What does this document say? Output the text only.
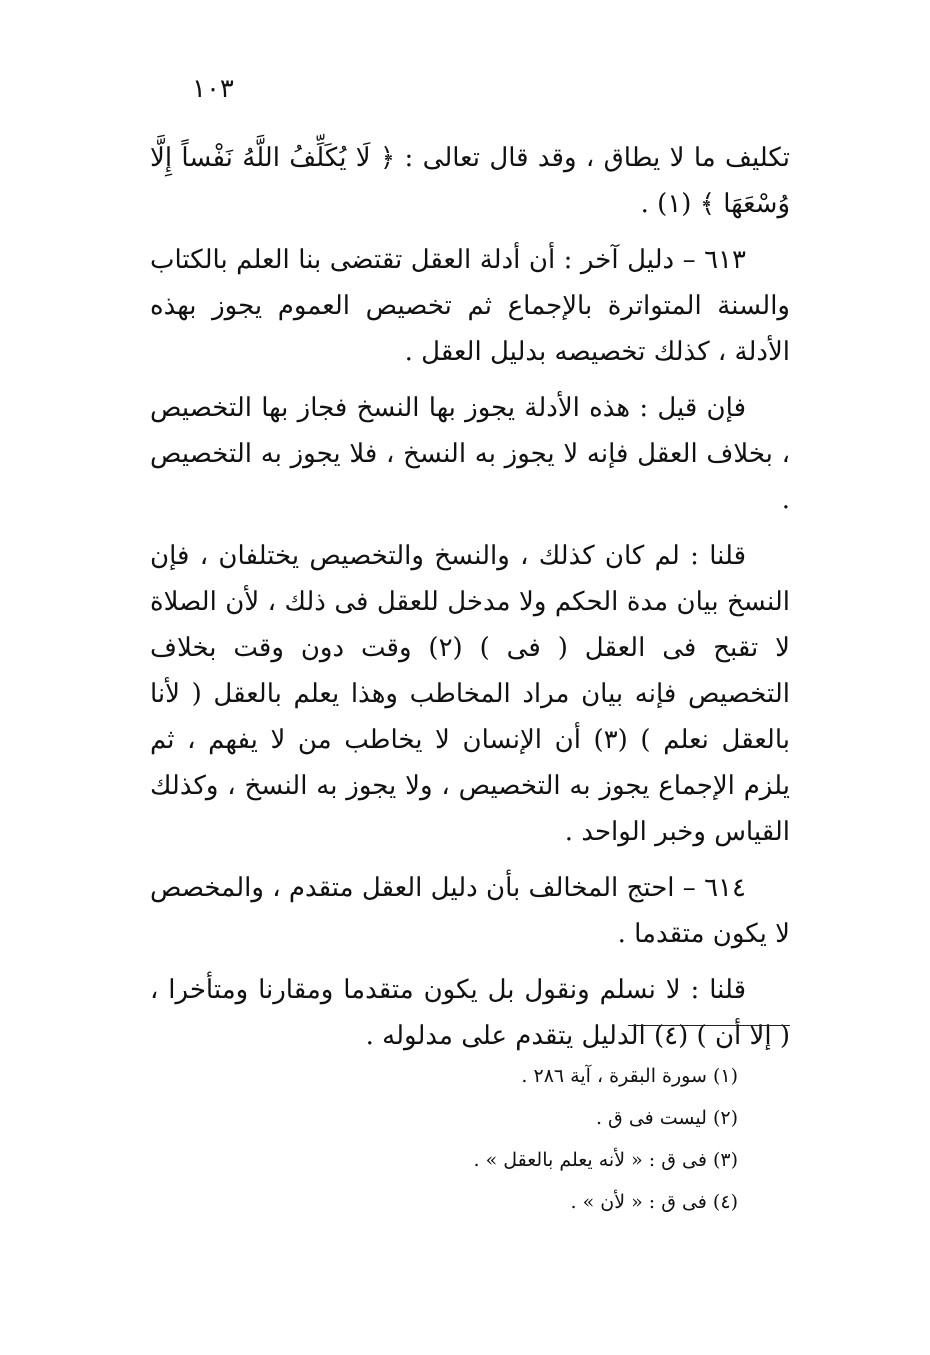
١٠٣

تكليف ما لا يطاق ، وقد قال تعالى : ﴿ لَا يُكَلِّفُ اللَّهُ نَفْساً إِلَّا وُسْعَهَا ﴾ (١) .

٦١٣ – دليل آخر : أن أدلة العقل تقتضى بنا العلم بالكتاب والسنة المتواترة بالإجماع ثم تخصيص العموم يجوز بهذه الأدلة ، كذلك تخصيصه بدليل العقل .

فإن قيل : هذه الأدلة يجوز بها النسخ فجاز بها التخصيص ، بخلاف العقل فإنه لا يجوز به النسخ ، فلا يجوز به التخصيص .

قلنا : لم كان كذلك ، والنسخ والتخصيص يختلفان ، فإن النسخ بيان مدة الحكم ولا مدخل للعقل فى ذلك ، لأن الصلاة لا تقبح فى العقل ( فى ) (٢) وقت دون وقت بخلاف التخصيص فإنه بيان مراد المخاطب وهذا يعلم بالعقل ( لأنا بالعقل نعلم ) (٣) أن الإنسان لا يخاطب من لا يفهم ، ثم يلزم الإجماع يجوز به التخصيص ، ولا يجوز به النسخ ، وكذلك القياس وخبر الواحد .

٦١٤ – احتج المخالف بأن دليل العقل متقدم ، والمخصص لا يكون متقدما .

قلنا : لا نسلم ونقول بل يكون متقدما ومقارنا ومتأخرا ، ( إلا أن ) (٤) الدليل يتقدم على مدلوله .

(١) سورة البقرة ، آية ٢٨٦ .

(٢) ليست فى ق .

(٣) فى ق : « لأنه يعلم بالعقل » .

(٤) فى ق : « لأن » .
